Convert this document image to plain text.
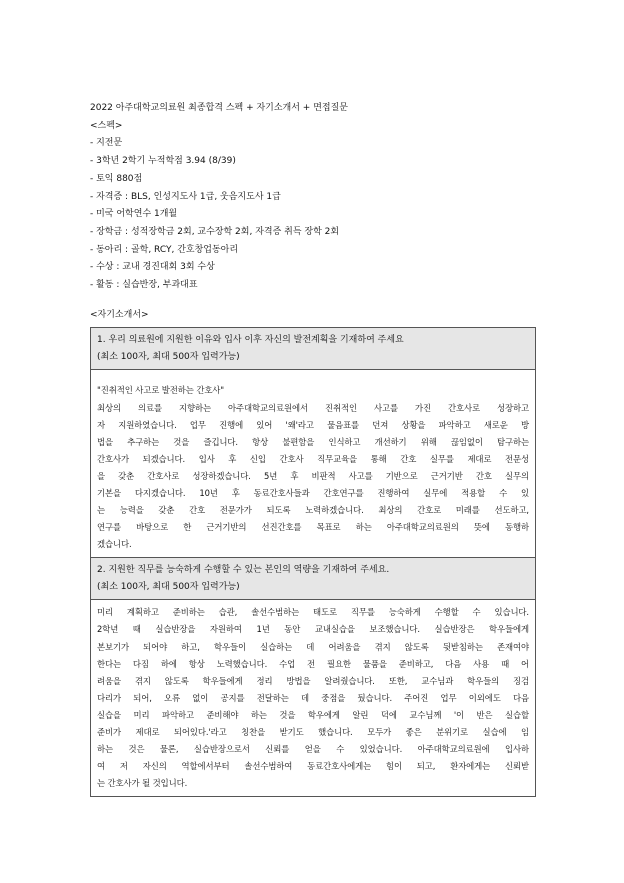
2022 아주대학교의료원 최종합격 스펙 + 자기소개서 + 면접질문
<스펙>
- 지전문
- 3학년 2학기 누적학점 3.94 (8/39)
- 토익 880점
- 자격증 : BLS, 인성지도사 1급, 웃음지도사 1급
- 미국 어학연수 1개월
- 장학금 : 성적장학금 2회, 교수장학 2회, 자격증 취득 장학 2회
- 동아리 : 골학, RCY, 간호창업동아리
- 수상 : 교내 경진대회 3회 수상
- 활동 : 실습반장, 부과대표
<자기소개서>
1. 우리 의료원에 지원한 이유와 입사 이후 자신의 발전계획을 기재하여 주세요
(최소 100자, 최대 500자 입력가능)

"진취적인 사고로 발전하는 간호사"
최상의 의료를 지향하는 아주대학교의료원에서 진취적인 사고를 가진 간호사로 성장하고
자 지원하였습니다. 업무 진행에 있어 '왜'라고 물음표를 던져 상황을 파악하고 새로운 방
법을 추구하는 것을 즐깁니다. 항상 불편함을 인식하고 개선하기 위해 끊임없이 탐구하는
간호사가 되겠습니다. 입사 후 신입 간호사 직무교육을 통해 간호 실무를 제대로 전문성
을 갖춘 간호사로 성장하겠습니다. 5년 후 비판적 사고를 기반으로 근거기반 간호 실무의
기본을 다지겠습니다. 10년 후 동료간호사들과 간호연구를 진행하여 실무에 적용할 수 있
는 능력을 갖춘 간호 전문가가 되도록 노력하겠습니다. 최상의 간호로 미래를 선도하고,
연구를 바탕으로 한 근거기반의 선진간호를 목표로 하는 아주대학교의료원의 뜻에 동행하
겠습니다.

2. 지원한 직무를 능숙하게 수행할 수 있는 본인의 역량을 기재하여 주세요.
(최소 100자, 최대 500자 입력가능)

미리 계획하고 준비하는 습관, 솔선수범하는 태도로 직무를 능숙하게 수행할 수 있습니다.
2학년 때 실습반장을 자원하여 1년 동안 교내실습을 보조했습니다. 실습반장은 학우들에게
본보기가 되어야 하고, 학우들이 실습하는 데 어려움을 겪지 않도록 뒷받침하는 존재여야
한다는 다짐 하에 항상 노력했습니다. 수업 전 필요한 물품을 준비하고, 다음 사용 때 어
려움을 겪지 않도록 학우들에게 정리 방법을 알려줬습니다. 또한, 교수님과 학우들의 징검
다리가 되어, 오류 없이 공지를 전달하는 데 중점을 뒀습니다. 주어진 업무 이외에도 다음
실습을 미리 파악하고 준비해야 하는 것을 학우에게 알린 덕에 교수님께 '이 반은 실습할
준비가 제대로 되어있다.'라고 칭찬을 받기도 했습니다. 모두가 좋은 분위기로 실습에 임
하는 것은 물론, 실습반장으로서 신뢰를 얻을 수 있었습니다. 아주대학교의료원에 입사하
여 저 자신의 역할에서부터 솔선수범하여 동료간호사에게는 힘이 되고, 환자에게는 신뢰받
는 간호사가 될 것입니다.
